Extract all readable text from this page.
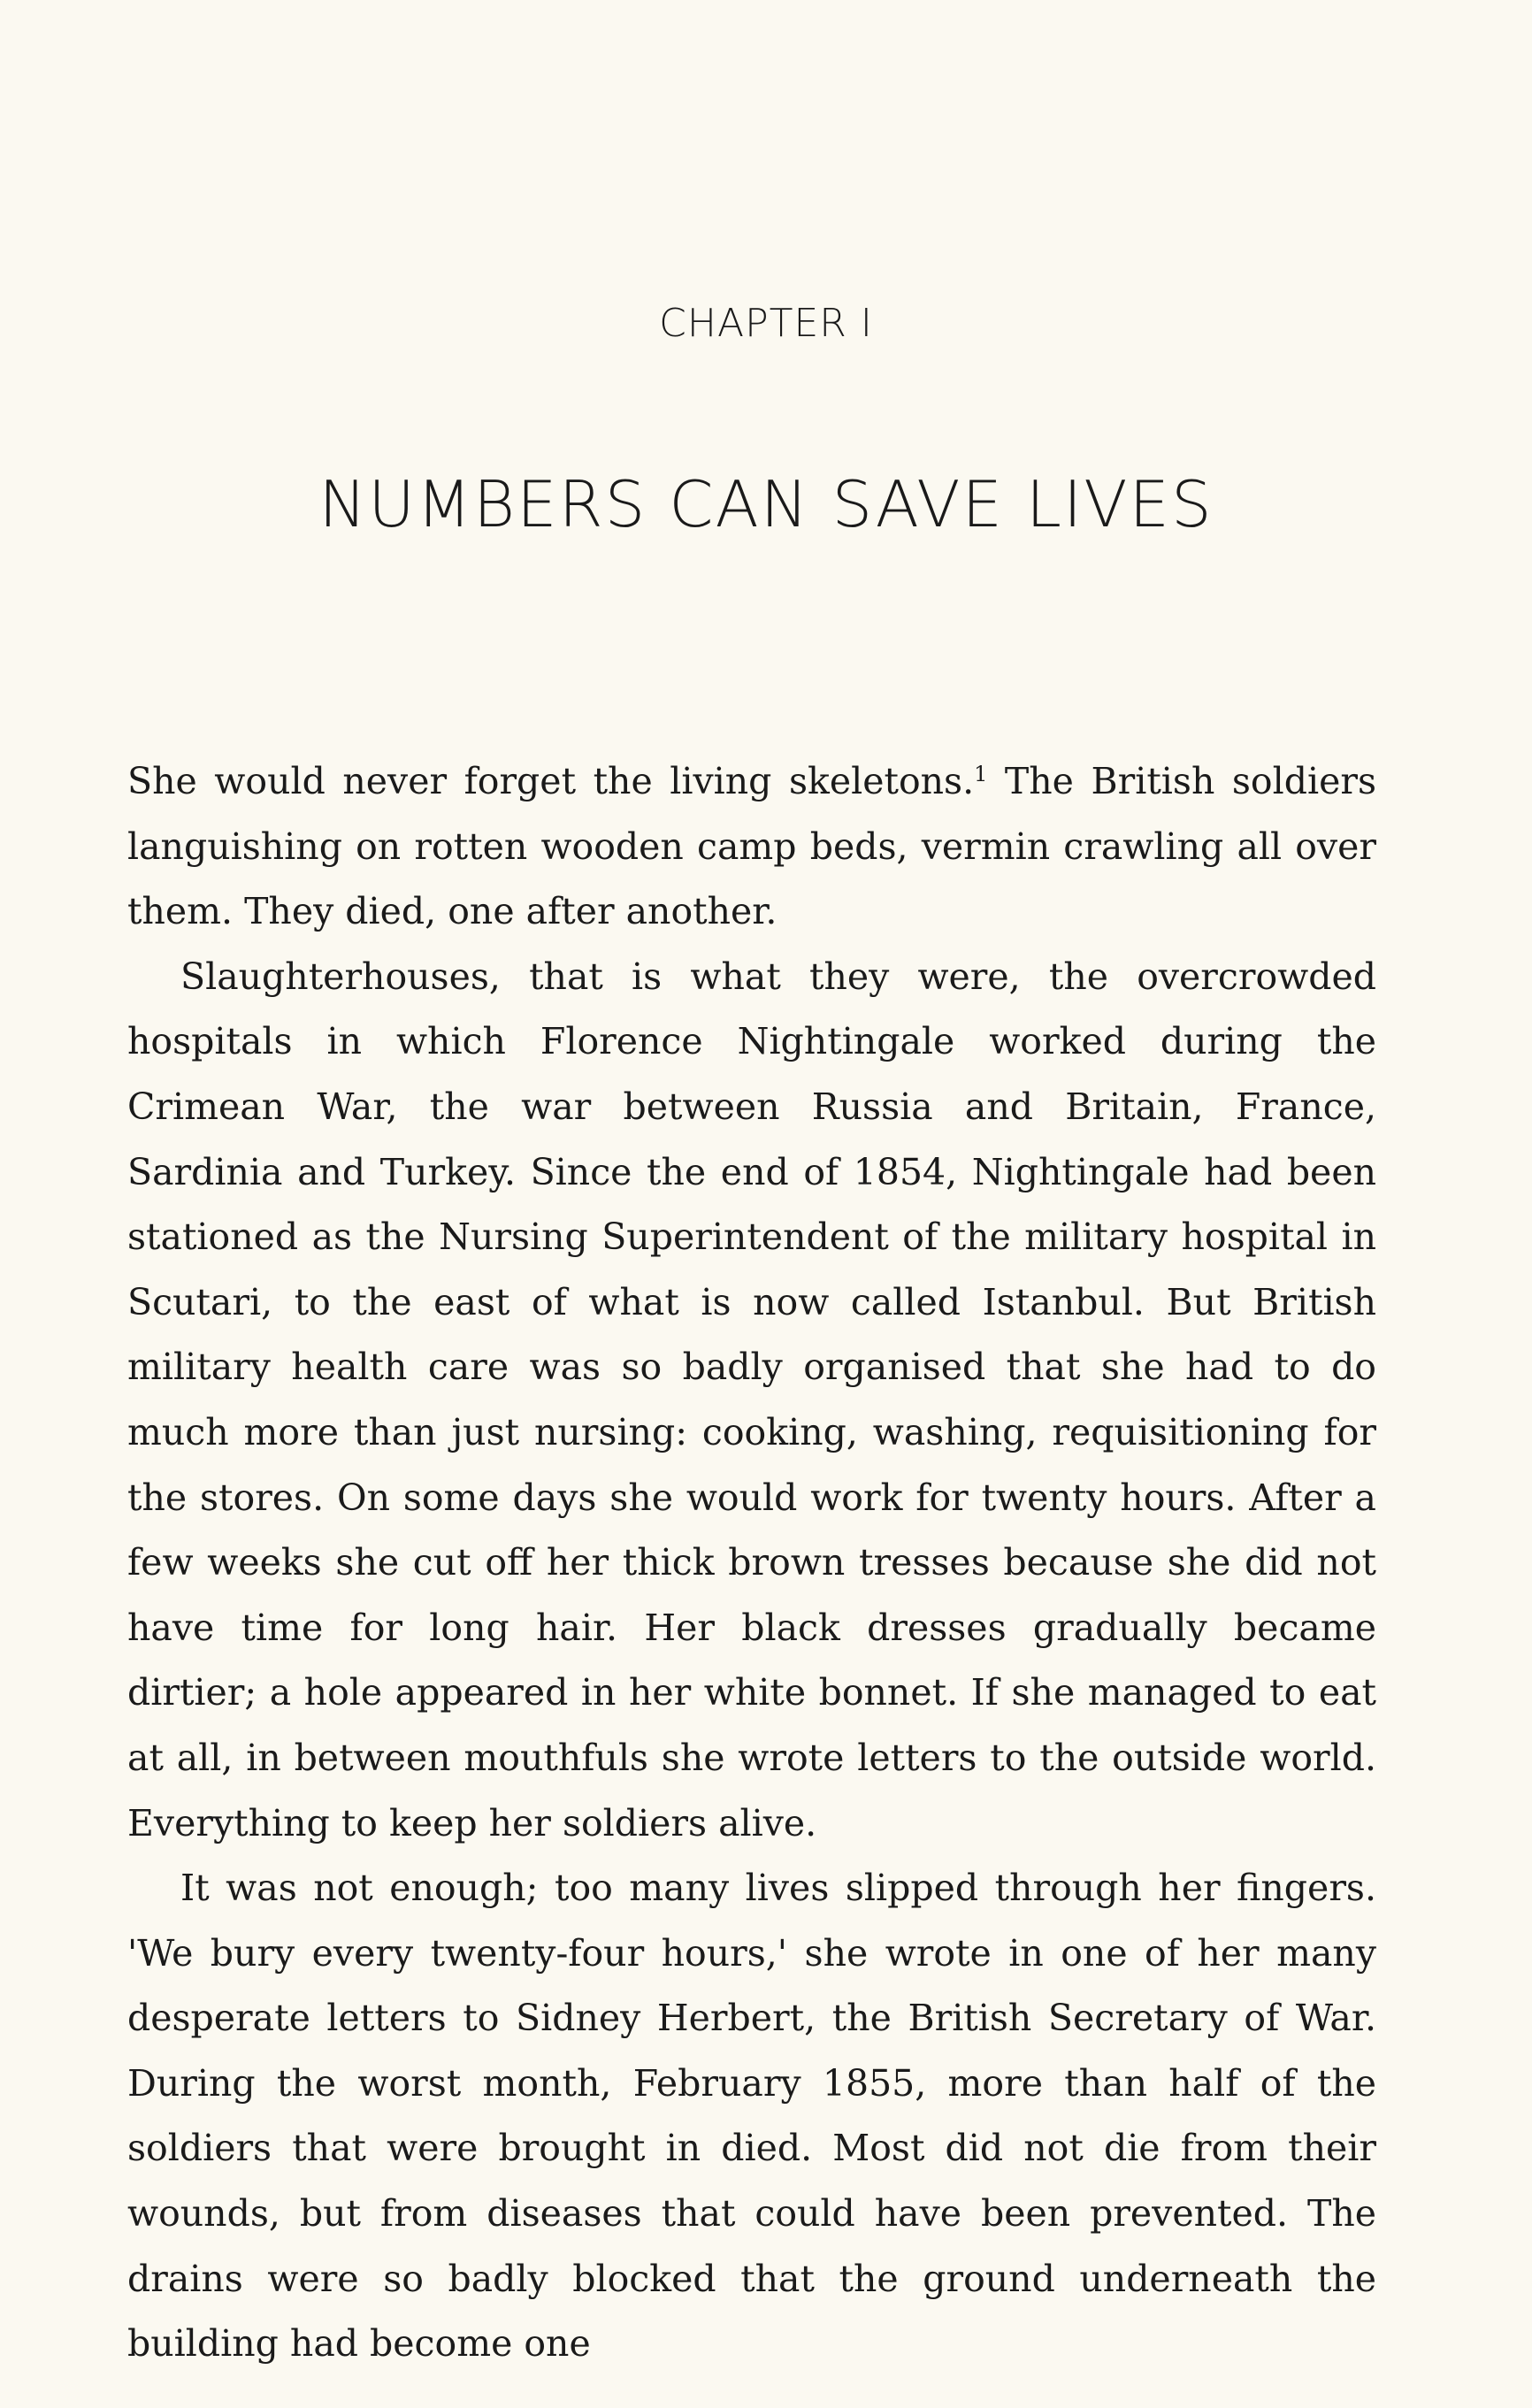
CHAPTER I
NUMBERS CAN SAVE LIVES

She would never forget the living skeletons.$^1$ The British soldiers languishing on rotten wooden camp beds, vermin crawling all over them. They died, one after another.

Slaughterhouses, that is what they were, the overcrowded hospitals in which Florence Nightingale worked during the Crimean War, the war between Russia and Britain, France, Sardinia and Turkey. Since the end of 1854, Nightingale had been stationed as the Nursing Superintendent of the military hospital in Scutari, to the east of what is now called Istanbul. But British military health care was so badly organised that she had to do much more than just nursing: cooking, washing, requisitioning for the stores. On some days she would work for twenty hours. After a few weeks she cut off her thick brown tresses because she did not have time for long hair. Her black dresses gradually became dirtier; a hole appeared in her white bonnet. If she managed to eat at all, in between mouthfuls she wrote letters to the outside world. Everything to keep her soldiers alive.

It was not enough; too many lives slipped through her fingers. 'We bury every twenty-four hours,' she wrote in one of her many desperate letters to Sidney Herbert, the British Secretary of War. During the worst month, February 1855, more than half of the soldiers that were brought in died. Most did not die from their wounds, but from diseases that could have been prevented. The drains were so badly blocked that the ground underneath the building had become one
